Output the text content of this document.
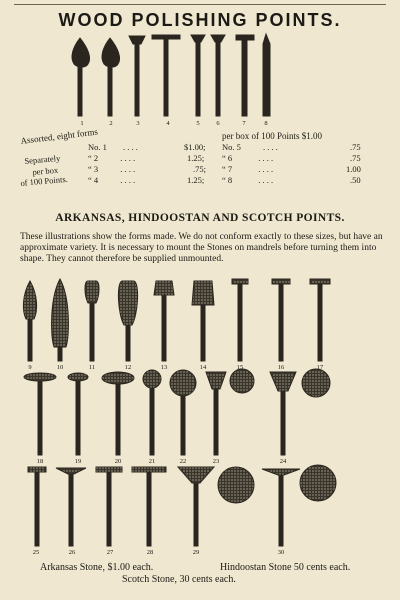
WOOD POLISHING POINTS.
1	2	3	4	5	6	7	8
Assorted, eight forms
Separately
per box
of 100 Points.
No. 1 . . . .	$1.00;
“ 2	. . . .	1.25;
“ 3	. . . .	.75;
“ 4	. . . .	1.25;
per box of 100 Points $1.00
No. 5	. . . .	.75
“ 6	. . . .	.75
“ 7	. . . .	1.00
“ 8	. . . .	.50
ARKANSAS, HINDOOSTAN AND SCOTCH POINTS.
These illustrations show the forms made. We do not conform exactly to these sizes, but have an approximate variety. It is necessary to mount the Stones on mandrels before turning them into shape. They cannot therefore be supplied unmounted.
9	10	11	12	13	14	15	16	17
18	19	20	21	22	23	24
25	26	27	28	29	30
Arkansas Stone, $1.00 each.	Hindoostan Stone 50 cents each.
Scotch Stone, 30 cents each.
